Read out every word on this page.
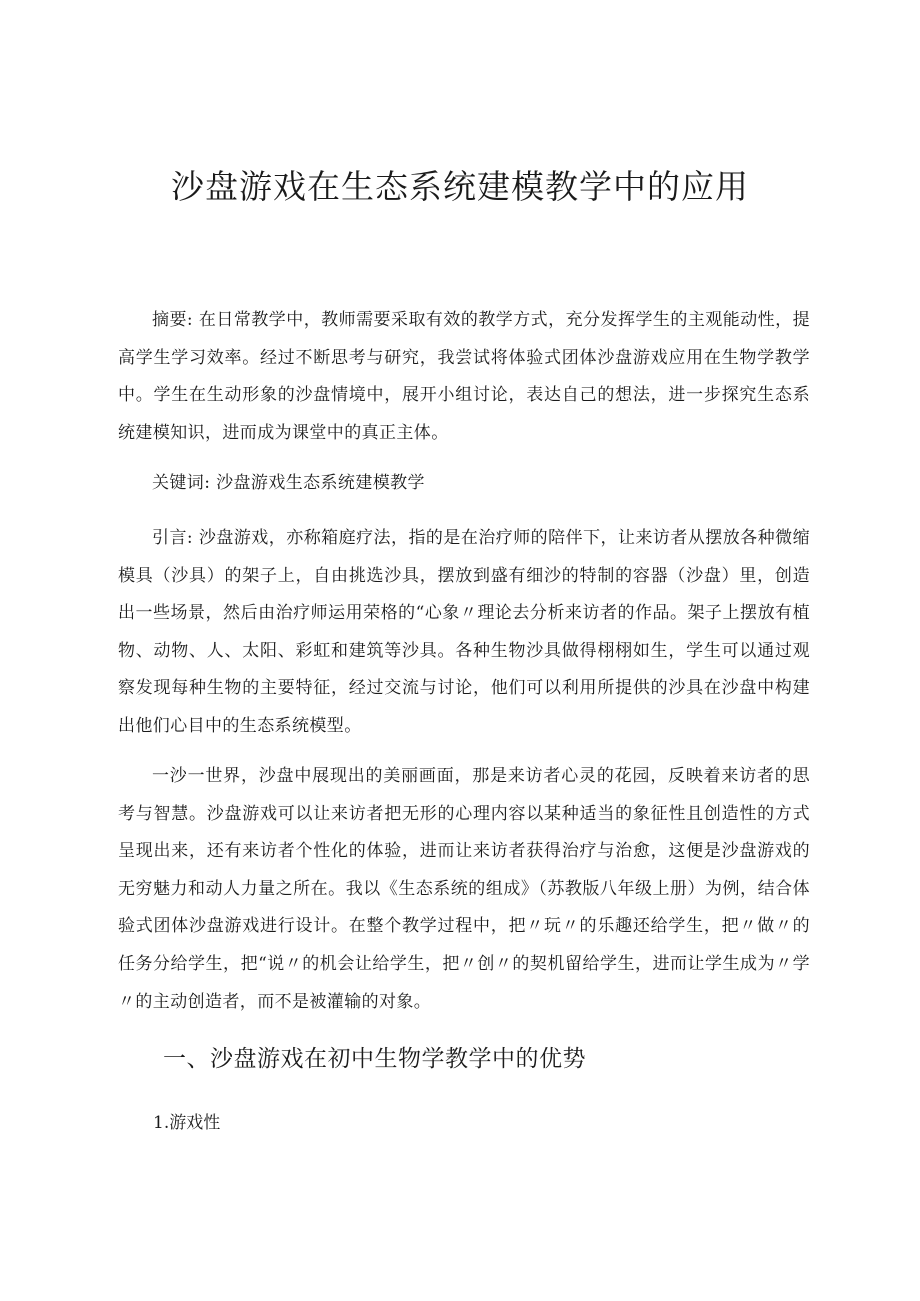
沙盘游戏在生态系统建模教学中的应用

摘要: 在日常教学中，教师需要采取有效的教学方式，充分发挥学生的主观能动性，提高学生学习效率。经过不断思考与研究，我尝试将体验式团体沙盘游戏应用在生物学教学中。学生在生动形象的沙盘情境中，展开小组讨论，表达自己的想法，进一步探究生态系统建模知识，进而成为课堂中的真正主体。

关键词: 沙盘游戏生态系统建模教学

引言: 沙盘游戏，亦称箱庭疗法，指的是在治疗师的陪伴下，让来访者从摆放各种微缩模具（沙具）的架子上，自由挑选沙具，摆放到盛有细沙的特制的容器（沙盘）里，创造出一些场景，然后由治疗师运用荣格的“心象〃理论去分析来访者的作品。架子上摆放有植物、动物、人、太阳、彩虹和建筑等沙具。各种生物沙具做得栩栩如生，学生可以通过观察发现每种生物的主要特征，经过交流与讨论，他们可以利用所提供的沙具在沙盘中构建出他们心目中的生态系统模型。

一沙一世界，沙盘中展现出的美丽画面，那是来访者心灵的花园，反映着来访者的思考与智慧。沙盘游戏可以让来访者把无形的心理内容以某种适当的象征性且创造性的方式呈现出来，还有来访者个性化的体验，进而让来访者获得治疗与治愈，这便是沙盘游戏的无穷魅力和动人力量之所在。我以《生态系统的组成》（苏教版八年级上册）为例，结合体验式团体沙盘游戏进行设计。在整个教学过程中，把〃玩〃的乐趣还给学生，把〃做〃的任务分给学生，把“说〃的机会让给学生，把〃创〃的契机留给学生，进而让学生成为〃学〃的主动创造者，而不是被灌输的对象。

一、沙盘游戏在初中生物学教学中的优势
1.游戏性
